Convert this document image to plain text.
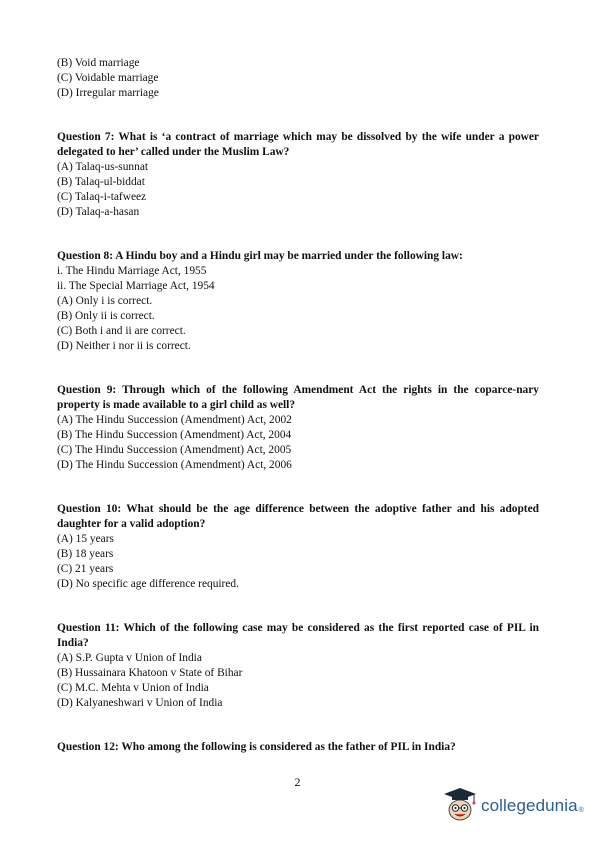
(B) Void marriage
(C) Voidable marriage
(D) Irregular marriage
Question 7: What is ‘a contract of marriage which may be dissolved by the wife under a power delegated to her’ called under the Muslim Law?
(A) Talaq-us-sunnat
(B) Talaq-ul-biddat
(C) Talaq-i-tafweez
(D) Talaq-a-hasan
Question 8: A Hindu boy and a Hindu girl may be married under the following law:
i. The Hindu Marriage Act, 1955
ii. The Special Marriage Act, 1954
(A) Only i is correct.
(B) Only ii is correct.
(C) Both i and ii are correct.
(D) Neither i nor ii is correct.
Question 9: Through which of the following Amendment Act the rights in the coparce-nary property is made available to a girl child as well?
(A) The Hindu Succession (Amendment) Act, 2002
(B) The Hindu Succession (Amendment) Act, 2004
(C) The Hindu Succession (Amendment) Act, 2005
(D) The Hindu Succession (Amendment) Act, 2006
Question 10: What should be the age difference between the adoptive father and his adopted daughter for a valid adoption?
(A) 15 years
(B) 18 years
(C) 21 years
(D) No specific age difference required.
Question 11: Which of the following case may be considered as the first reported case of PIL in India?
(A) S.P. Gupta v Union of India
(B) Hussainara Khatoon v State of Bihar
(C) M.C. Mehta v Union of India
(D) Kalyaneshwari v Union of India
Question 12: Who among the following is considered as the father of PIL in India?
2
collegedunia ®
